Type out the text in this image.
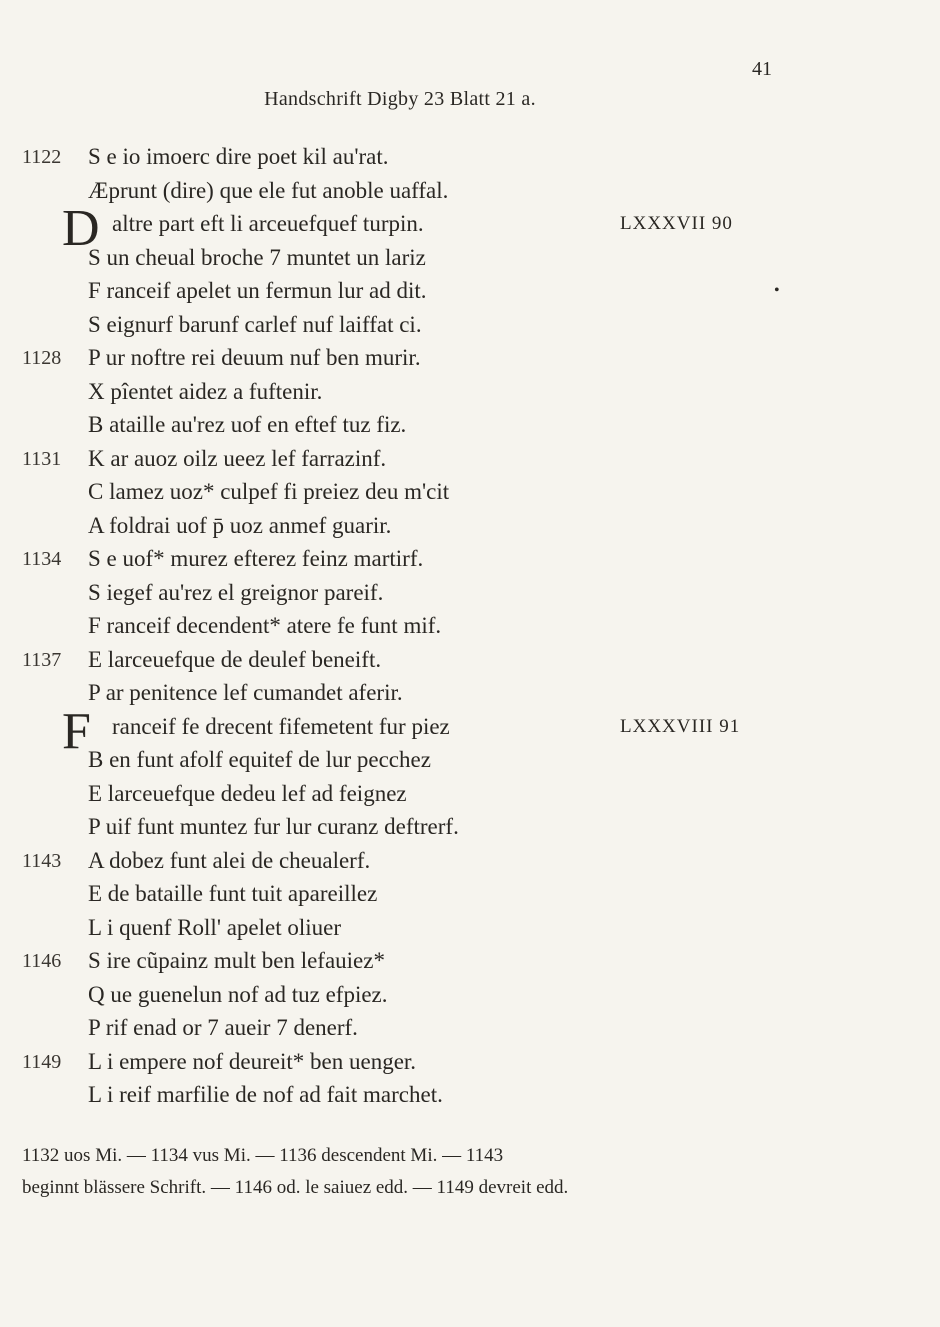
41
Handschrift Digby 23 Blatt 21 a.
1122 S e io imoerc dire poet kil au'rat.
Æprunt (dire) que ele fut anoble uaffal.
D altre part eft li arceuefquef turpin.	LXXXVII 90
S un cheual broche 7 muntet un lariz
F ranceif apelet un fermun lur ad dit.	•
S eignurf barunf carlef nuf laiffat ci.
1128 P ur noftre rei deuum nuf ben murir.
X pîentet aidez a fuftenir.
B ataille au'rez uof en eftef tuz fiz.
1131 K ar auoz oilz ueez lef farrazinf.
C lamez uoz* culpef fi preiez deu m'cit
A foldrai uof p̄ uoz anmef guarir.
1134 S e uof* murez efterez feinz martirf.
S iegef au'rez el greignor pareif.
F ranceif decendent* atere fe funt mif.
1137 E larceuefque de deulef beneift.
P ar penitence lef cumandet aferir.
F ranceif fe drecent fifemetent fur piez	LXXXVIII 91
B en funt afolf equitef de lur pecchez
E larceuefque dedeu lef ad feignez
P uif funt muntez fur lur curanz deftrerf.
1143 A dobez funt alei de cheualerf.
E de bataille funt tuit apareillez
L i quenf Roll' apelet oliuer
1146 S ire cũpainz mult ben lefauiez*
Q ue guenelun nof ad tuz efpiez.
P rif enad or 7 aueir 7 denerf.
1149 L i empere nof deureit* ben uenger.
L i reif marfilie de nof ad fait marchet.
1132 uos Mi. — 1134 vus Mi. — 1136 descendent Mi. — 1143
beginnt blässere Schrift. — 1146 od. le saiuez edd. — 1149 devreit edd.
